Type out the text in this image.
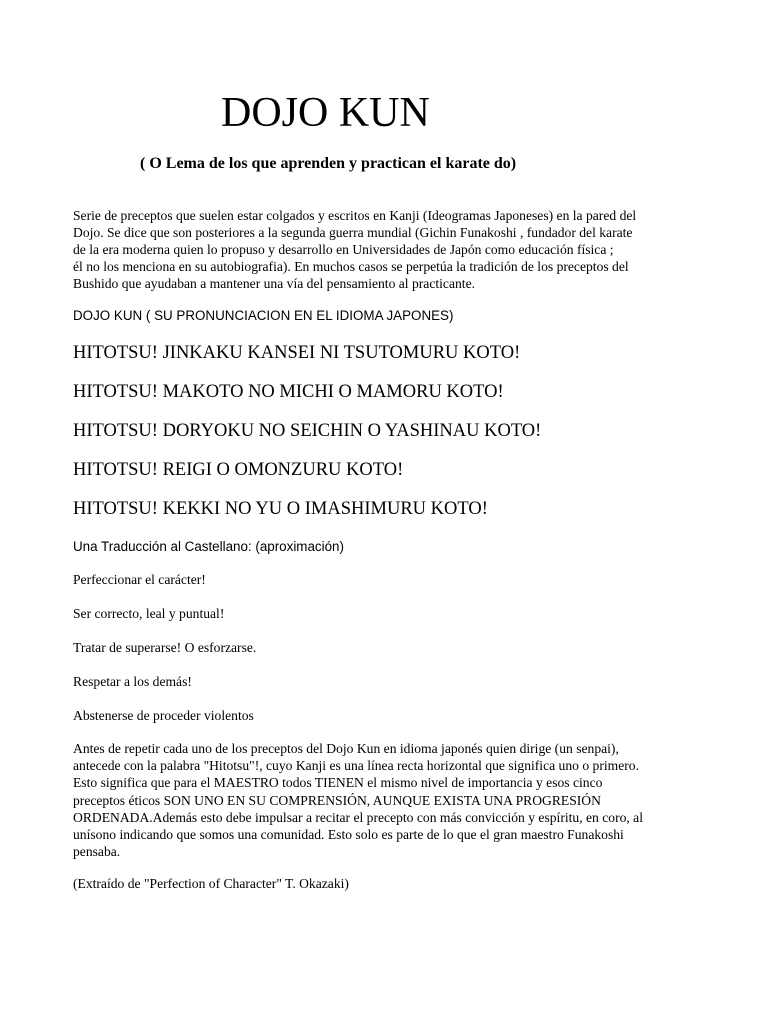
DOJO KUN

( O Lema de los que aprenden y practican el karate do)

Serie de preceptos que suelen estar colgados y escritos en Kanji (Ideogramas Japoneses) en la pared del
Dojo. Se dice que son posteriores a la segunda guerra mundial (Gichin Funakoshi , fundador del karate
de la era moderna quien lo propuso y desarrollo en Universidades de Japón como educación física ;
él no los menciona en su autobiografia). En muchos casos se perpetúa la tradición de los preceptos del
Bushido que ayudaban a mantener una vía del pensamiento al practicante.

DOJO KUN ( SU PRONUNCIACION EN EL IDIOMA JAPONES)

HITOTSU! JINKAKU KANSEI NI TSUTOMURU KOTO!
HITOTSU! MAKOTO NO MICHI O MAMORU KOTO!
HITOTSU! DORYOKU NO SEICHIN O YASHINAU KOTO!
HITOTSU! REIGI O OMONZURU KOTO!
HITOTSU! KEKKI NO YU O IMASHIMURU KOTO!

Una Traducción al Castellano: (aproximación)

Perfeccionar el carácter!
Ser correcto, leal y puntual!
Tratar de superarse! O esforzarse.
Respetar a los demás!
Abstenerse de proceder violentos

Antes de repetir cada uno de los preceptos del Dojo Kun en idioma japonés quien dirige (un senpai),
antecede con la palabra "Hitotsu"!, cuyo Kanji es una línea recta horizontal que significa uno o primero.
Esto significa que para el MAESTRO todos TIENEN el mismo nivel de importancia y esos cinco
preceptos éticos SON UNO EN SU COMPRENSIÓN, AUNQUE EXISTA UNA PROGRESIÓN
ORDENADA.Además esto debe impulsar a recitar el precepto con más convicción y espíritu, en coro, al
unísono indicando que somos una comunidad. Esto solo es parte de lo que el gran maestro Funakoshi
pensaba.

(Extraído de "Perfection of Character" T. Okazaki)
